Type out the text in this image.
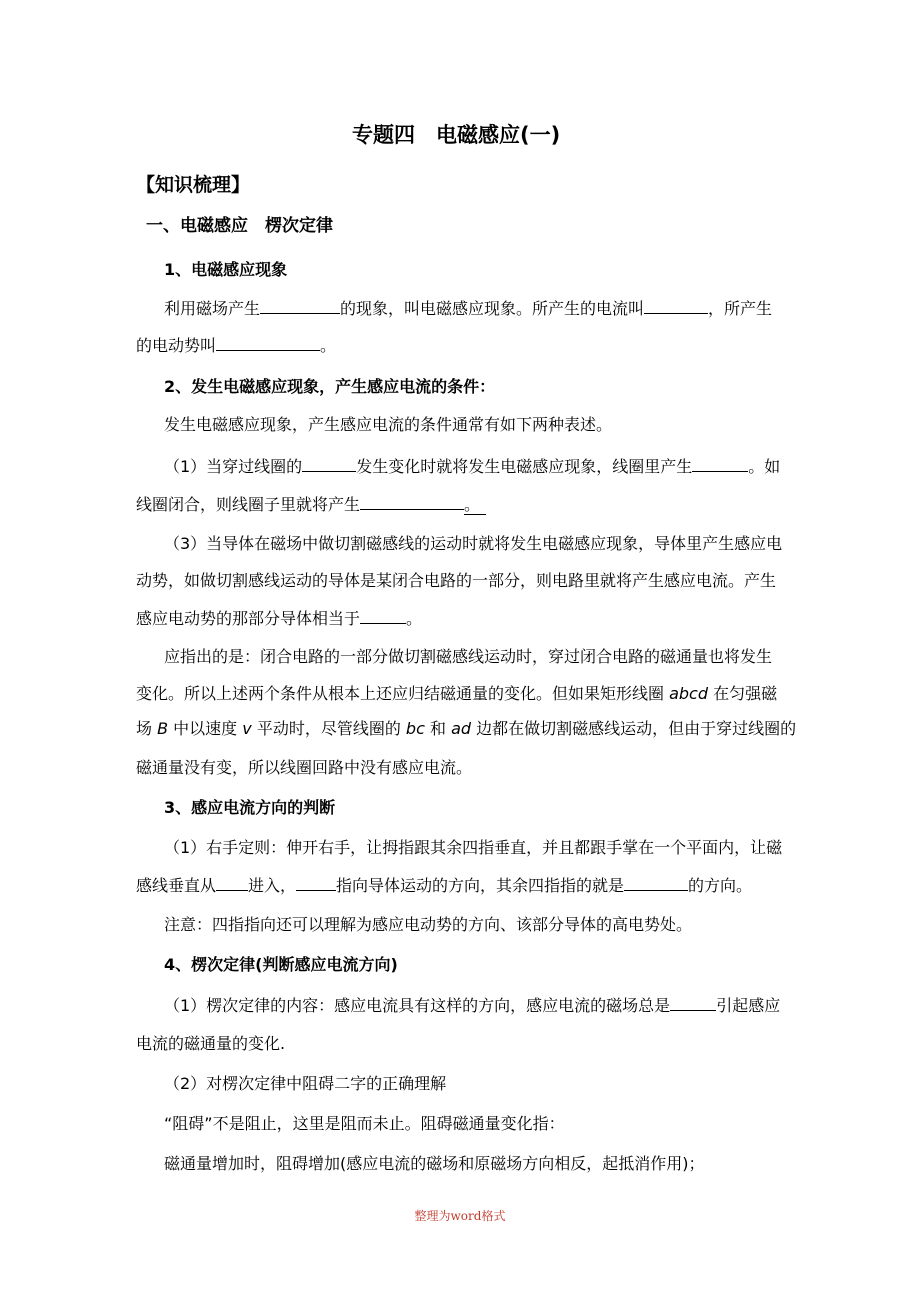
专题四　电磁感应(一)
【知识梳理】
一、电磁感应　楞次定律
1、电磁感应现象
利用磁场产生	的现象，叫电磁感应现象。所产生的电流叫	，所产生
的电动势叫	。
2、发生电磁感应现象，产生感应电流的条件：
发生电磁感应现象，产生感应电流的条件通常有如下两种表述。
（1）当穿过线圈的	发生变化时就将发生电磁感应现象，线圈里产生	。如
线圈闭合，则线圈子里就将产生	。
（3）当导体在磁场中做切割磁感线的运动时就将发生电磁感应现象，导体里产生感应电
动势，如做切割感线运动的导体是某闭合电路的一部分，则电路里就将产生感应电流。产生
感应电动势的那部分导体相当于	。
应指出的是：闭合电路的一部分做切割磁感线运动时，穿过闭合电路的磁通量也将发生
变化。所以上述两个条件从根本上还应归结磁通量的变化。但如果矩形线圈 abcd 在匀强磁
场 B 中以速度 v 平动时，尽管线圈的 bc 和 ad 边都在做切割磁感线运动，但由于穿过线圈的
磁通量没有变，所以线圈回路中没有感应电流。
3、感应电流方向的判断
（1）右手定则：伸开右手，让拇指跟其余四指垂直，并且都跟手掌在一个平面内，让磁
感线垂直从 进入，	指向导体运动的方向，其余四指指的就是	的方向。
注意：四指指向还可以理解为感应电动势的方向、该部分导体的高电势处。
4、楞次定律(判断感应电流方向)
（1）楞次定律的内容：感应电流具有这样的方向，感应电流的磁场总是	引起感应
电流的磁通量的变化.
（2）对楞次定律中阻碍二字的正确理解
“阻碍”不是阻止，这里是阻而未止。阻碍磁通量变化指：
磁通量增加时，阻碍增加(感应电流的磁场和原磁场方向相反，起抵消作用)；
整理为word格式
